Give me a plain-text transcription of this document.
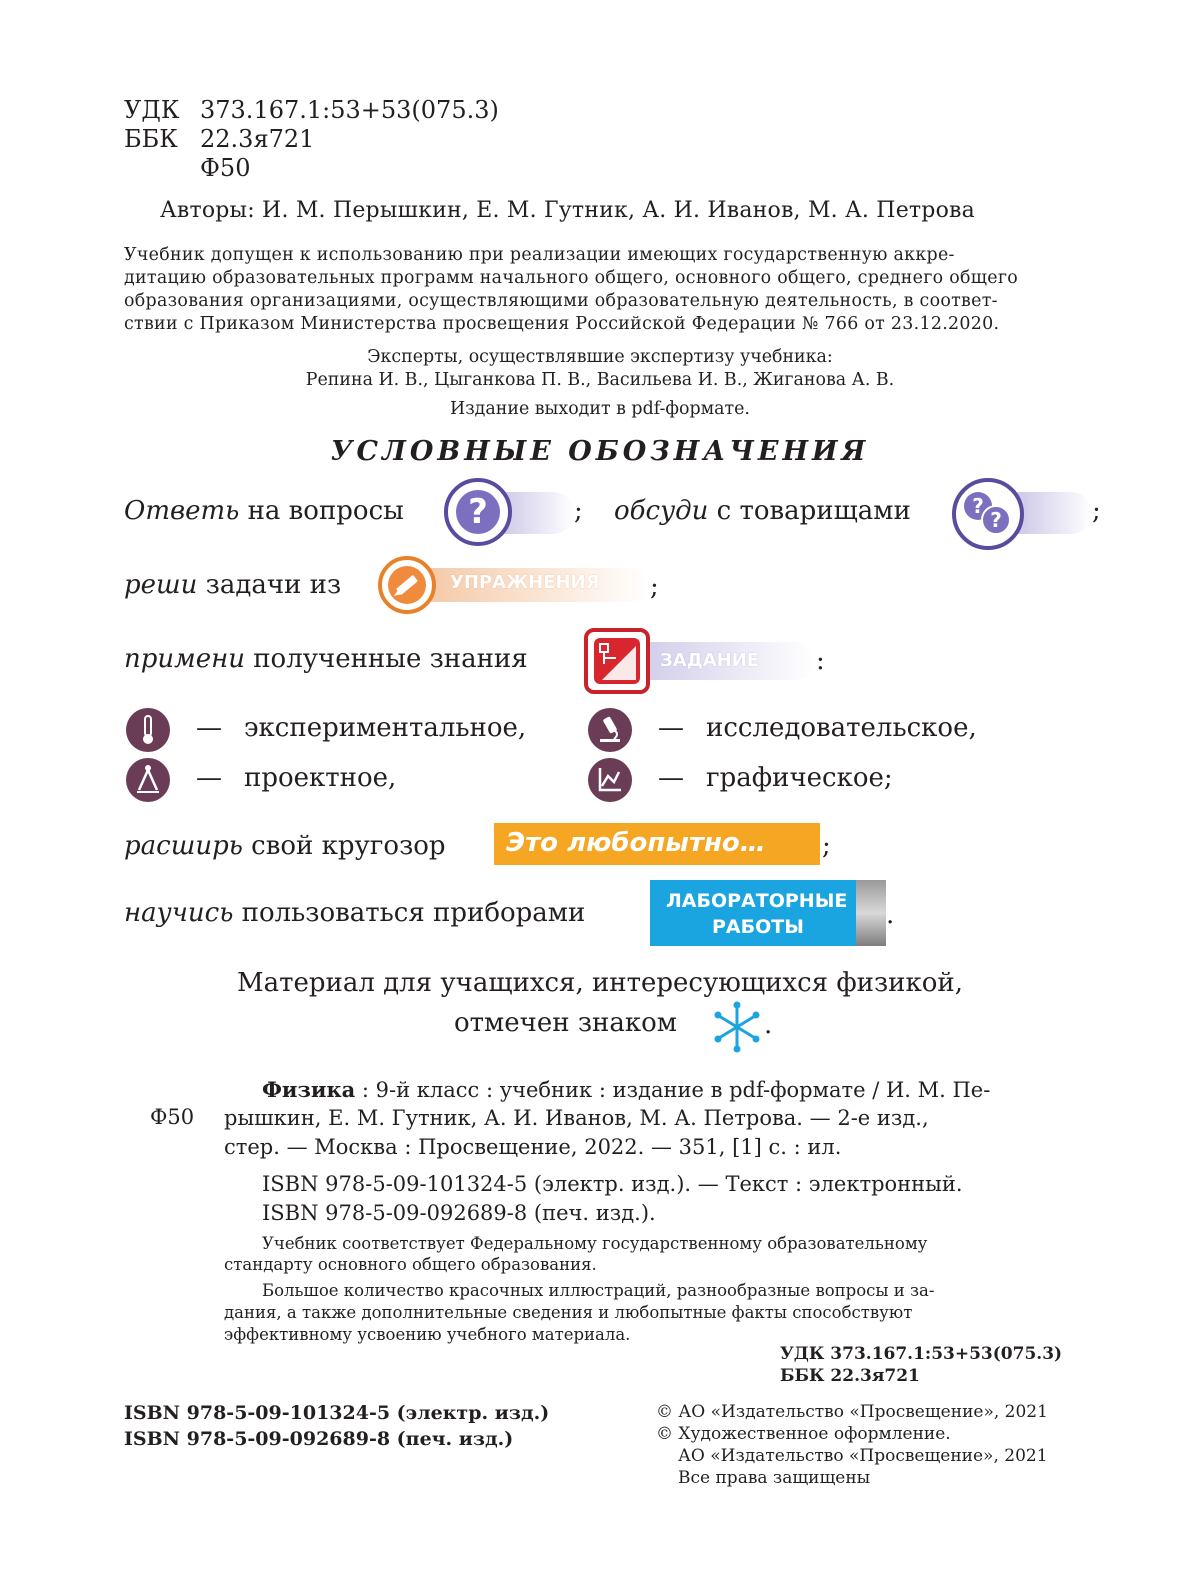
УДК 373.167.1:53+53(075.3)
ББК 22.3я721
Ф50
Авторы: И. М. Перышкин, Е. М. Гутник, А. И. Иванов, М. А. Петрова

Учебник допущен к использованию при реализации имеющих государственную аккре-

дитацию образовательных программ начального общего, основного общего, среднего общего

образования организациями, осуществляющими образовательную деятельность, в соответ-

ствии с Приказом Министерства просвещения Российской Федерации № 766 от 23.12.2020.

Эксперты, осуществлявшие экспертизу учебника:
Репина И. В., Цыганкова П. В., Васильева И. В., Жиганова А. В.
Издание выходит в pdf-формате.
УСЛОВНЫЕ ОБОЗНАЧЕНИЯ
Ответь на вопросы	?	; обсуди с товарищами	?
?	;
реши задачи из	УПРАЖНЕНИЯ ;
примени полученные знания	ЗАДАНИЕ :
— экспериментальное,	— исследовательское,
— проектное,	— графическое;
расширь свой кругозор Это любопытно… ;
научись пользоваться приборами	ЛАБОРАТОРНЫЕ
РАБОТЫ	.
Материал для учащихся, интересующихся физикой,
отмечен знаком	.
Ф50
Физика : 9-й класс : учебник : издание в pdf-формате / И. М. Пе-
рышкин, Е. М. Гутник, А. И. Иванов, М. А. Петрова. — 2-е изд.,
стер. — Москва : Просвещение, 2022. — 351, [1] с. : ил.
ISBN 978-5-09-101324-5 (электр. изд.). — Текст : электронный.
ISBN 978-5-09-092689-8 (печ. изд.).
Учебник соответствует Федеральному государственному образовательному
стандарту основного общего образования.
Большое количество красочных иллюстраций, разнообразные вопросы и за-
дания, а также дополнительные сведения и любопытные факты способствуют
эффективному усвоению учебного материала.
УДК 373.167.1:53+53(075.3)
ББК 22.3я721
ISBN 978-5-09-101324-5 (электр. изд.)
ISBN 978-5-09-092689-8 (печ. изд.)
© АО «Издательство «Просвещение», 2021
© Художественное оформление.
АО «Издательство «Просвещение», 2021
Все права защищены
